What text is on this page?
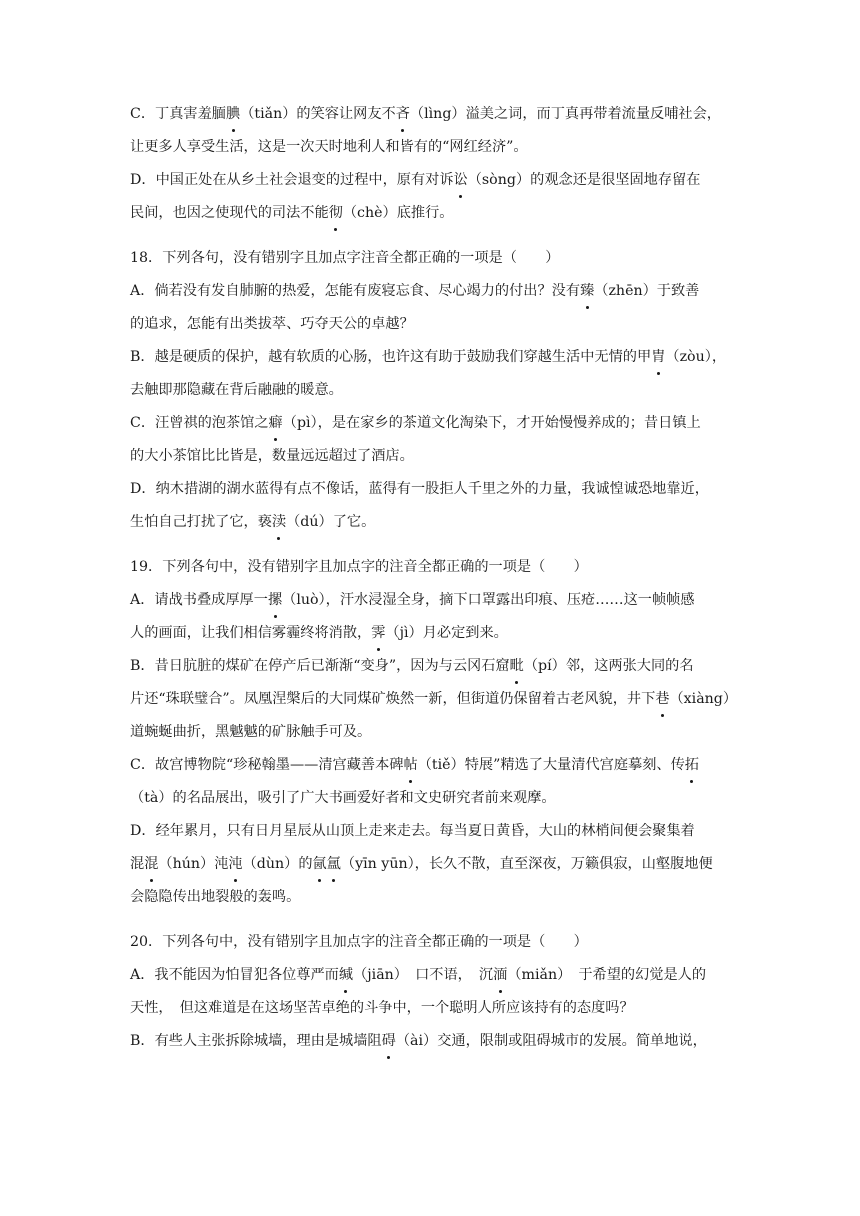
C．丁真害羞腼腆（tiǎn）的笑容让网友不吝（lìng）溢美之词，而丁真再带着流量反哺社会，
让更多人享受生活，这是一次天时地利人和皆有的“网红经济”。
D．中国正处在从乡土社会退变的过程中，原有对诉讼（sòng）的观念还是很坚固地存留在
民间，也因之使现代的司法不能彻（chè）底推行。
18．下列各句，没有错别字且加点字注音全都正确的一项是（　　）
A．倘若没有发自肺腑的热爱，怎能有废寝忘食、尽心竭力的付出？没有臻（zhēn）于致善
的追求，怎能有出类拔萃、巧夺天公的卓越？
B．越是硬质的保护，越有软质的心肠，也许这有助于鼓励我们穿越生活中无情的甲胄（zòu），
去触即那隐藏在背后融融的暖意。
C．汪曾祺的泡茶馆之癖（pì），是在家乡的茶道文化淘染下，才开始慢慢养成的；昔日镇上
的大小茶馆比比皆是，数量远远超过了酒店。
D．纳木措湖的湖水蓝得有点不像话，蓝得有一股拒人千里之外的力量，我诚惶诚恐地靠近，
生怕自己打扰了它，亵渎（dú）了它。
19．下列各句中，没有错别字且加点字的注音全都正确的一项是（　　）
A．请战书叠成厚厚一摞（luò），汗水浸湿全身，摘下口罩露出印痕、压疮……这一帧帧感
人的画面，让我们相信雾霾终将消散，霁（jì）月必定到来。
B．昔日肮脏的煤矿在停产后已渐渐“变身”，因为与云冈石窟毗（pí）邻，这两张大同的名
片还“珠联璧合”。凤凰涅槃后的大同煤矿焕然一新，但街道仍保留着古老风貌，井下巷（xiàng）
道蜿蜒曲折，黑魆魆的矿脉触手可及。
C．故宫博物院“珍秘翰墨——清宫藏善本碑帖（tiě）特展”精选了大量清代宫庭摹刻、传拓
（tà）的名品展出，吸引了广大书画爱好者和文史研究者前来观摩。
D．经年累月，只有日月星辰从山顶上走来走去。每当夏日黄昏，大山的林梢间便会聚集着
混混（hún）沌沌（dùn）的氤氲（yīn yūn），长久不散，直至深夜，万籁俱寂，山壑腹地便
会隐隐传出地裂般的轰鸣。
20．下列各句中，没有错别字且加点字的注音全都正确的一项是（　　）
A．我不能因为怕冒犯各位尊严而缄（jiān）　口不语，　沉湎（miǎn）　于希望的幻觉是人的
天性，　但这难道是在这场坚苦卓绝的斗争中，一个聪明人所应该持有的态度吗？
B．有些人主张拆除城墙，理由是城墙阻碍（ài）交通，限制或阻碍城市的发展。简单地说，
